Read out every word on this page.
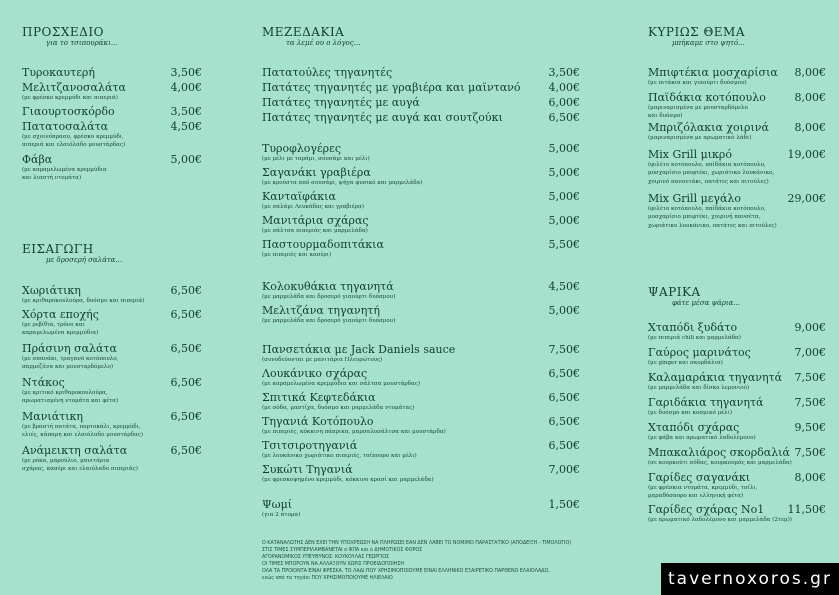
ΠΡΟΣΧΕΔΙΟ
για το τσιπουράκι...
Τυροκαυτερή	3,50€
Μελιτζανοσαλάτα	4,00€
(με φρέσκο κρεμμύδι και πιπεριά)
Γιαουρτοσκόρδο	3,50€
Πατατοσαλάτα	4,50€
(με σχοινόπρασο, φρέσκο κρεμμύδι,
πιπεριά και ελαιόλαδο μουστάρδας)
Φάβα	5,00€
(με καραμελωμένα κρεμμύδια
και λιαστή ντομάτα)
ΕΙΣΑΓΩΓΗ
με δροσερή σαλάτα...
Χωριάτικη	6,50€
(με κριθαροκουλούρα, δυόσμο και πιπεριά)
Χόρτα εποχής	6,50€
(με ρεβίθια, τρόνο και
καραμελωμένα κρεμμύδια)
Πράσινη σαλάτα	6,50€
(με σπανάκι, τραγανό κοτόπουλο,
παρμεζάνα και μουσταρδόμελο)
Ντάκος	6,50€
(με κριτικό κριθαροκουλούρα,
αρωματισμένη ντομάτα και φέτα)
Μανιάτικη	6,50€
(με βραστή πατάτα, πορτοκάλι, κρεμμύδι,
ελιές, κάπαρη και ελαιόλαδο μουστάρδας)
Ανάμεικτη σαλάτα	6,50€
(με ρόκα, μαρούλιο, μανιτάρια
σχάρας, κασέρι και ελαιόλαδο πιπεριάς)
ΜΕΖΕΔΑΚΙΑ
τα λεμέ ου ο λόγος...
Πατατούλες τηγανητές	3,50€
Πατάτες τηγανητές με γραβιέρα και μαϊντανό	4,00€
Πατάτες τηγανητές με αυγά	6,00€
Πατάτες τηγανητές με αυγά και σουτζούκι	6,50€
Τυροφλογέρες	5,00€
(με μέλι με ταράμι, σουσάμι και μέλι)
Σαγανάκι γραβιέρα	5,00€
(με κρούστα από σουσάμι, ψήγα φυσικό και μαρμελάδα)
Κανταϊφάκια	5,00€
(με σαλάμι Λευκάδας και γραβιέρα)
Μανιτάρια σχάρας	5,00€
(με σάλτσα πιπεριάς και μαρμελάδα)
Παστουρμαδοπιτάκια	5,50€
(με πιπεριές και κασέρι)
Κολοκυθάκια τηγανητά	4,50€
(με μαρμελάδα και δροσερό γιαούρτι δυόσμου)
Μελιτζάνα τηγανητή	5,00€
(με μαρμελάδα και δροσερό γιαούρτι δυόσμου)
Πανσετάκια με Jack Daniels sauce	7,50€
(συνοδεύονται με μανιτάρια Πλευρώτους)
Λουκάνικο σχάρας	6,50€
(με καραμελωμένα κρεμμύδια και σάλτσα μουστάρδας)
Σπιτικά Κεφτεδάκια	6,50€
(με σόδα, μαστίχα, δυόσμο και μαρμελάδα ντομάτας)
Τηγανιά Κοτόπουλο	6,50€
(με πιπεριές, κόκκινη πάπρικα, μαρσαλοσάλτσα και μουστάρδα)
Τσιτσιροτηγανιά	6,50€
(με λουκάνικο χωριάτικο πιπεριές, τσίπουρο και μέλι)
Συκώτι Τηγανιά	7,00€
(με φρεσκοψημένο κρεμμύδι, κόκκινο κρασί και μαρμελάδα)
Ψωμί	1,50€
(για 2 άτομα)
ΚΥΡΙΩΣ ΘΕΜΑ
μπήκαμε στο ψητό...
Μπιφτέκια μοσχαρίσια 8,00€
(με πιτάκια και γιαούρτι δυόσμου)
Παϊδάκια κοτόπουλο	8,00€
(μαριναρισμένα με μουσταρδόμελο
και δυόσμο)
Μπριζόλακια χοιρινά 8,00€
(μαριναρισμένα με αρωματικό λάδι)
Mix Grill μικρό	19,00€
(φιλέτο κοτόπουλο, παϊδάκια κοτόπουλο,
μοσχαρίσιο μπιφτέκι, χωριάτικο λουκάνικο,
χοιρινό πανσετάκι, πατάτες και πιτούλες)
Mix Grill μεγάλο	29,00€
(φιλέτο κοτόπουλο, παϊδάκια κοτόπουλο,
μοσχαρίσιο μπιφτέκι, χοιρινή πανσέτα,
χωριάτικο λουκάνικο, πατάτες και πιτούλες)
ΨΑΡΙΚΑ
φάτε μέσα ψάρια...
Χταπόδι ξυδάτο	9,00€
(με πιπεριά chili και μαρμελάδα)
Γαύρος μαρινάτος	7,00€
(με ginger και σκορδάλια)
Καλαμαράκια τηγανητά 7,50€
(με μαρμελάδα και δίσκο λεμονιού)
Γαριδάκια τηγανητά	7,50€
(με δυόσμο και κοσμικό μέλι)
Χταπόδι σχάρας	9,50€
(με φάβα και αρωματικό λαδολέμονο)
Μπακαλιάρος σκορδαλιά 7,50€
(σε κουρκούτι σόδας, κουρκουμάς και μαρμελάδα)
Γαρίδες σαγανάκι	8,00€
(με φρέσκια ντομάτα, κρεμμύδι, τσίλι,
μαραθόσπορο και ελληνική φέτα)
Γαρίδες σχάρας Νο1 11,50€
(με αρωματικό λαδολέμονο και μαρμελάδα (2τεμ))
Ο ΚΑΤΑΝΑΛΩΤΗΣ ΔΕΝ ΕΧΕΙ ΤΗΝ ΥΠΟΧΡΕΩΣΗ ΝΑ ΠΛΗΡΩΣΕΙ ΕΑΝ ΔΕΝ ΛΑΒΕΙ ΤΟ ΝΟΜΙΜΟ ΠΑΡΑΣΤΑΤΙΚΟ (ΑΠΟΔΕΙΞΗ - ΤΙΜΟΛΟΓΙΟ)
ΣΤΙΣ ΤΙΜΕΣ ΣΥΜΠΕΡΙΛΑΜΒΑΝΕΤΑΙ ο ΦΠΑ και ο ΔΗΜΟΤΙΚΟΣ ΦΟΡΟΣ
ΑΓΟΡΑΝΟΜΙΚΟΣ ΥΠΕΥΘΥΝΟΣ: ΚΟΥΚΟΥΛΑΣ ΓΕΩΡΓΙΟΣ
ΟΙ ΤΙΜΕΣ ΜΠΟΡΟΥΝ ΝΑ ΑΛΛΑΞΟΥΝ ΧΩΡΙΣ ΠΡΟΕΙΔΟΠΟΙΗΣΗ
ΟΛΑ ΤΑ ΠΡΟΙΟΝΤΑ ΕΙΝΑΙ ΦΡΕΣΚΑ, ΤΟ ΛΑΔΙ ΠΟΥ ΧΡΗΣΙΜΟΠΟΙΟΥΜΕ ΕΙΝΑΙ ΕΛΛΗΝΙΚΟ ΕΞΑΙΡΕΤΙΚΟ ΠΑΡΘΕΝΟ ΕΛΑΙΟΛΑΔΟ,
ενώς από τα τηγάνι ΠΟΥ ΧΡΗΣΙΜΟΠΟΙΟΥΜΕ ΗΛΙΕΛΑΙΟ	tavernoxoros.gr
